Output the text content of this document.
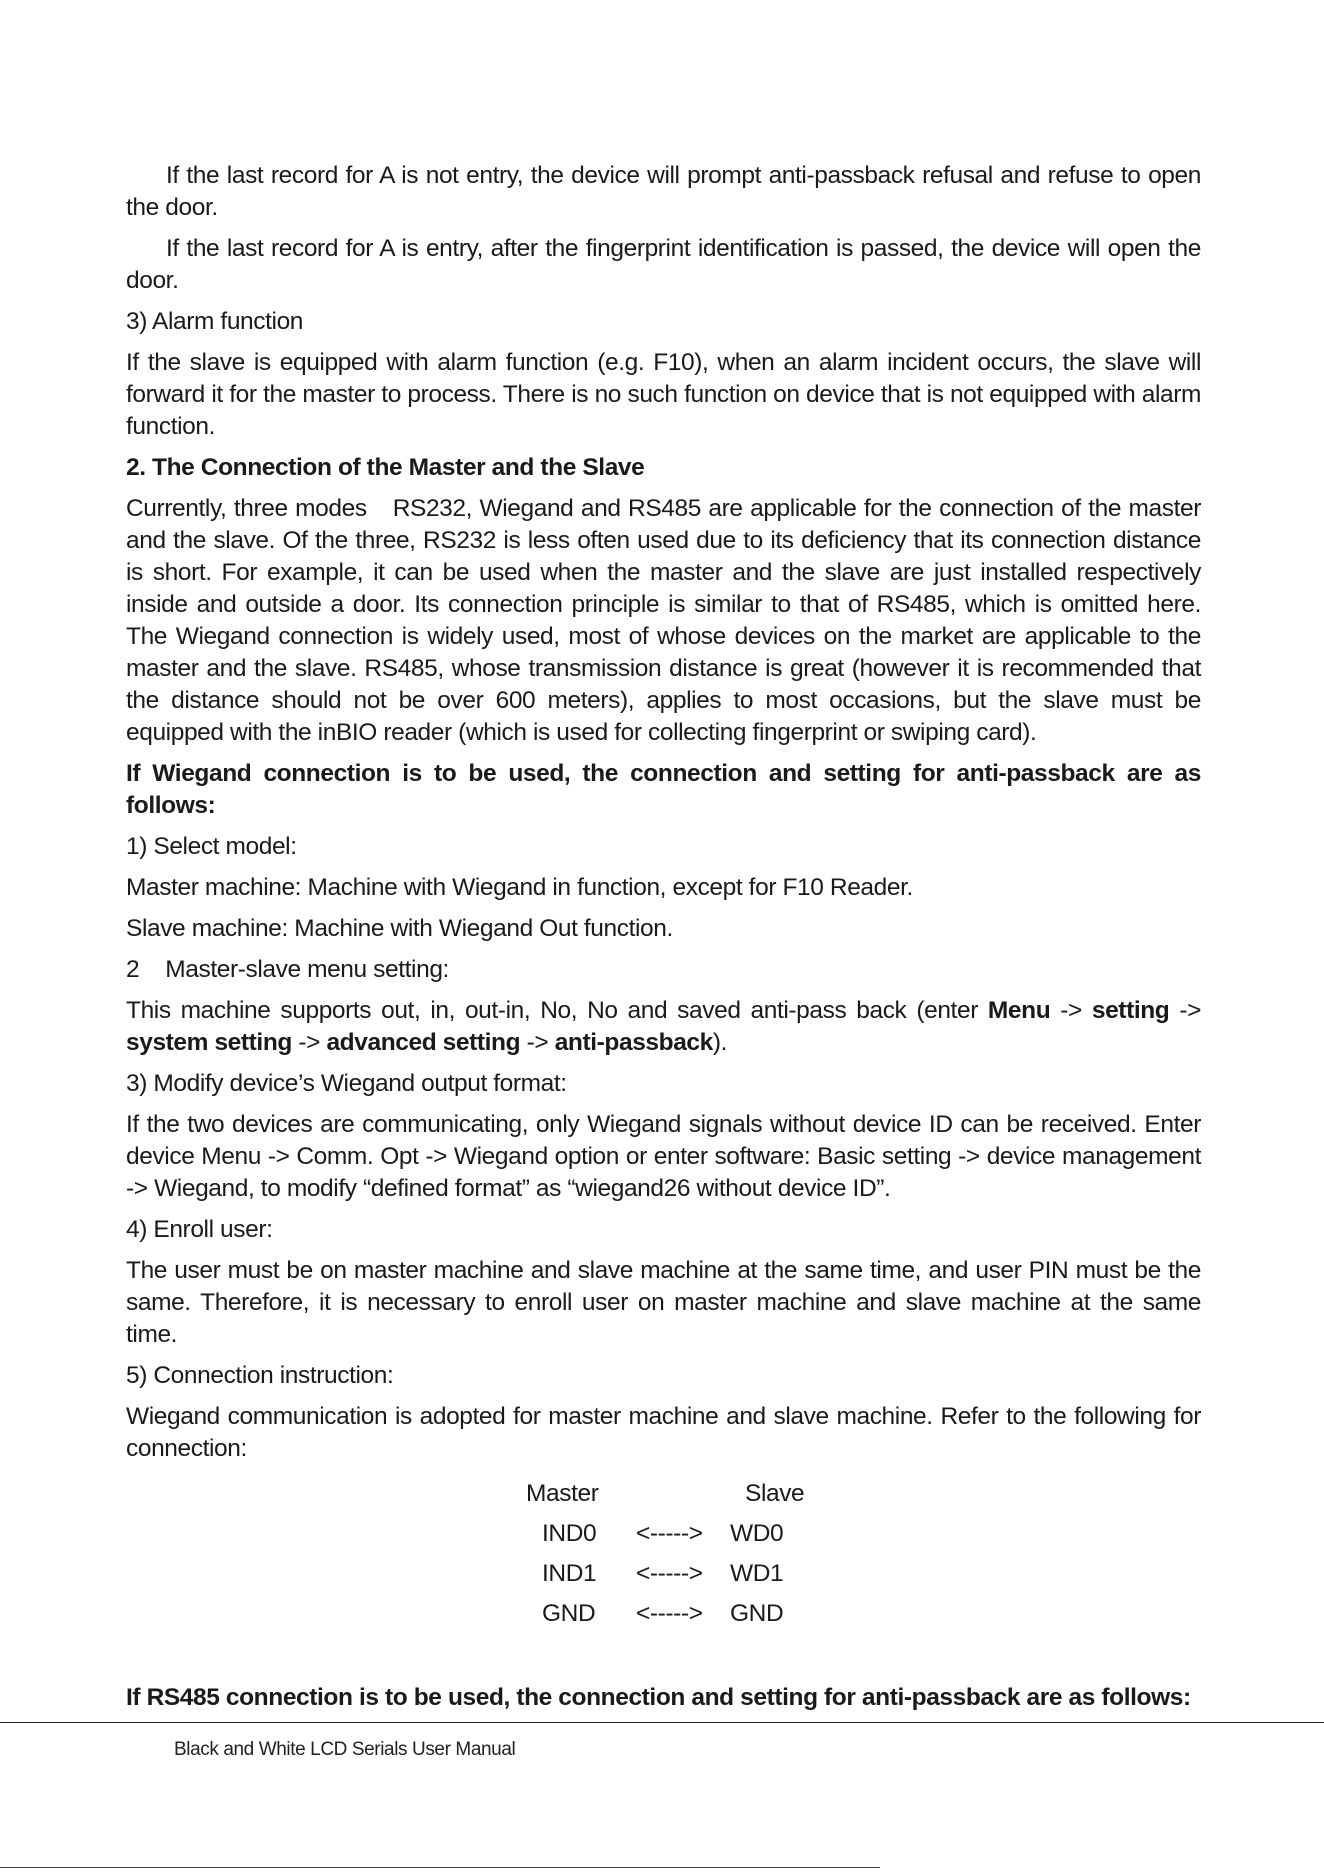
If the last record for A is not entry, the device will prompt anti-passback refusal and refuse to open the door.

If the last record for A is entry, after the fingerprint identification is passed, the device will open the door.

3) Alarm function

If the slave is equipped with alarm function (e.g. F10), when an alarm incident occurs, the slave will forward it for the master to process. There is no such function on device that is not equipped with alarm function.

2. The Connection of the Master and the Slave

Currently, three modes RS232, Wiegand and RS485 are applicable for the connection of the master and the slave. Of the three, RS232 is less often used due to its deficiency that its connection distance is short. For example, it can be used when the master and the slave are just installed respectively inside and outside a door. Its connection principle is similar to that of RS485, which is omitted here. The Wiegand connection is widely used, most of whose devices on the market are applicable to the master and the slave. RS485, whose transmission distance is great (however it is recommended that the distance should not be over 600 meters), applies to most occasions, but the slave must be equipped with the inBIO reader (which is used for collecting fingerprint or swiping card).

If Wiegand connection is to be used, the connection and setting for anti-passback are as follows:

1) Select model:

Master machine: Machine with Wiegand in function, except for F10 Reader.

Slave machine: Machine with Wiegand Out function.

2 Master-slave menu setting:

This machine supports out, in, out-in, No, No and saved anti-pass back (enter Menu -> setting -> system setting -> advanced setting -> anti-passback).

3) Modify device’s Wiegand output format:

If the two devices are communicating, only Wiegand signals without device ID can be received. Enter device Menu -> Comm. Opt -> Wiegand option or enter software: Basic setting -> device management -> Wiegand, to modify “defined format” as “wiegand26 without device ID”.

4) Enroll user:

The user must be on master machine and slave machine at the same time, and user PIN must be the same. Therefore, it is necessary to enroll user on master machine and slave machine at the same time.

5) Connection instruction:

Wiegand communication is adopted for master machine and slave machine. Refer to the following for connection:

Master	Slave
IND0 <-----> WD0
IND1 <-----> WD1
GND <-----> GND
If RS485 connection is to be used, the connection and setting for anti-passback are as follows:
Black and White LCD Serials User Manual
